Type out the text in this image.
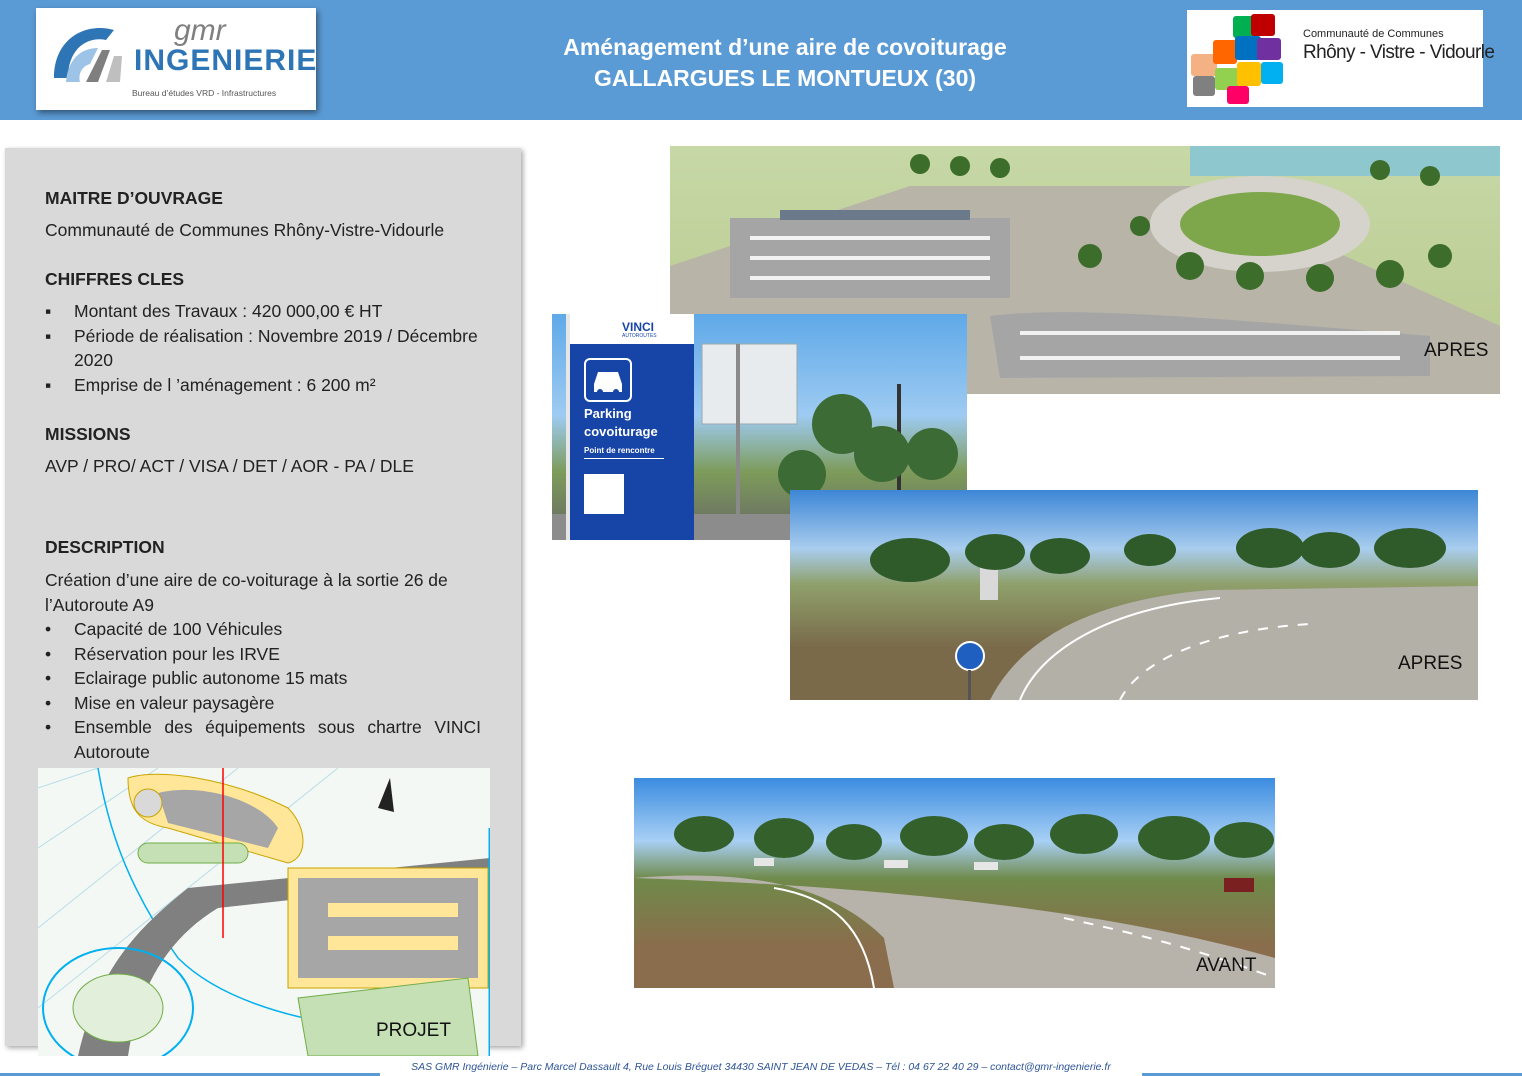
gmr
INGENIERIE
Bureau d’études VRD - Infrastructures
Aménagement d’une aire de covoiturage
GALLARGUES LE MONTUEUX (30)
Communauté de Communes
Rhôny - Vistre - Vidourle
MAITRE D’OUVRAGE
Communauté de Communes Rhôny-Vistre-Vidourle
CHIFFRES CLES
▪ Montant des Travaux : 420 000,00 € HT
▪ Période de réalisation : Novembre 2019 / Décembre 2020
▪ Emprise de l ’aménagement : 6 200 m²
MISSIONS
AVP / PRO/ ACT / VISA / DET / AOR - PA / DLE
DESCRIPTION
Création d’une aire de co-voiturage à la sortie 26 de l’Autoroute A9
• Capacité de 100 Véhicules
• Réservation pour les IRVE
• Eclairage public autonome 15 mats
• Mise en valeur paysagère
• Ensemble des équipements sous chartre VINCI Autoroute
PROJET
APRES
VINCI
AUTOROUTES
Parking
covoiturage
Point de rencontre
APRES
AVANT
SAS GMR Ingénierie – Parc Marcel Dassault 4, Rue Louis Bréguet 34430 SAINT JEAN DE VEDAS – Tél : 04 67 22 40 29 – contact@gmr-ingenierie.fr
